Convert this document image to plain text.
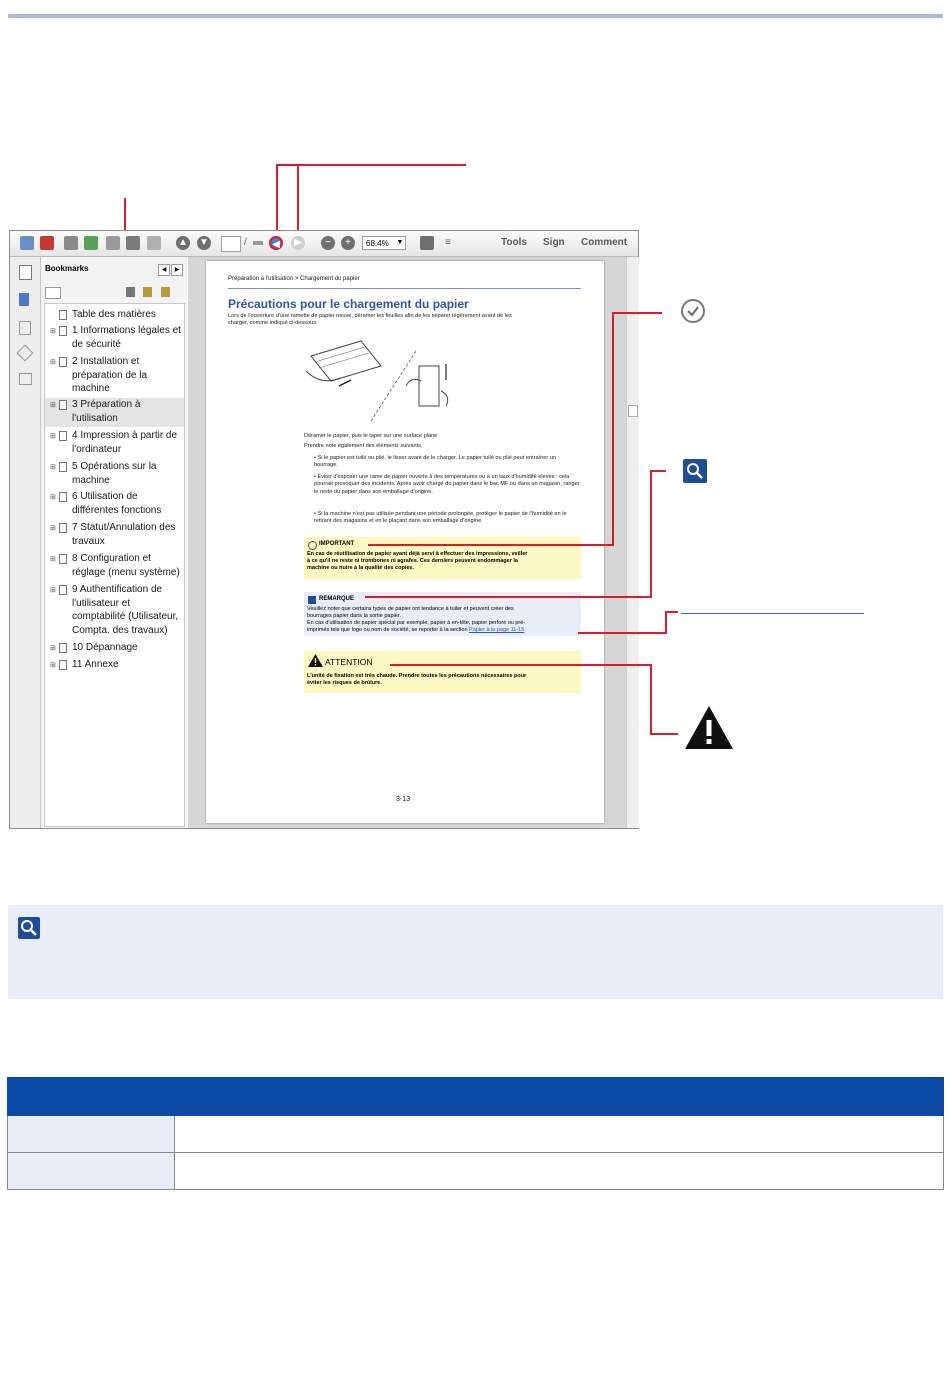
▲ ▼	/	◀	▶	−	+	68.4%	▼	≡	Tools Sign Comment
Bookmarks	◀	▶
Table des matières
⊞ 1 Informations légales et de sécurité
⊞ 2 Installation et préparation de la machine
⊞ 3 Préparation à l'utilisation
⊞ 4 Impression à partir de l'ordinateur
⊞ 5 Opérations sur la machine
⊞ 6 Utilisation de différentes fonctions
⊞ 7 Statut/Annulation des travaux
⊞ 8 Configuration et réglage (menu système)
⊞ 9 Authentification de l'utilisateur et comptabilité (Utilisateur, Compta. des travaux)
⊞ 10 Dépannage
⊞ 11 Annexe
Préparation à l'utilisation > Chargement du papier
Précautions pour le chargement du papier
Lors de l'ouverture d'une ramette de papier neuve, déramer les feuilles afin de les séparer légèrement avant de les
charger, comme indiqué ci-dessous.
Déramer le papier, puis le taper sur une surface plane
Prendre note également des éléments suivants.
• Si le papier est tuilé ou plié, le lisser avant de le charger. Le papier tuilé ou plié peut entraîner un bourrage.
• Éviter d'exposer une rame de papier ouverte à des températures ou à un taux d'humidité élevés : cela pourrait provoquer des incidents. Après avoir chargé du papier dans le bac MF ou dans un magasin, ranger le reste du papier dans son emballage d'origine.
• Si la machine n'est pas utilisée pendant une période prolongée, protéger le papier de l'humidité en le retirant des magasins et en le plaçant dans son emballage d'origine.
IMPORTANT
En cas de réutilisation de papier ayant déjà servi à effectuer des impressions, veiller
à ce qu'il ne reste ni trombones ni agrafes. Ces derniers peuvent endommager la
machine ou nuire à la qualité des copies.
REMARQUE
Veuillez noter que certains types de papier ont tendance à tuiler et peuvent créer des
bourrages papier dans la sortie papier.
En cas d'utilisation de papier spécial par exemple, papier à en-tête, papier perforé ou pré-
imprimés tels que logo ou nom de société, se reporter à la section Papier à la page 11-15
ATTENTION
L'unité de fixation est très chaude. Prendre toutes les précautions nécessaires pour
éviter les risques de brûlure.
3-13
